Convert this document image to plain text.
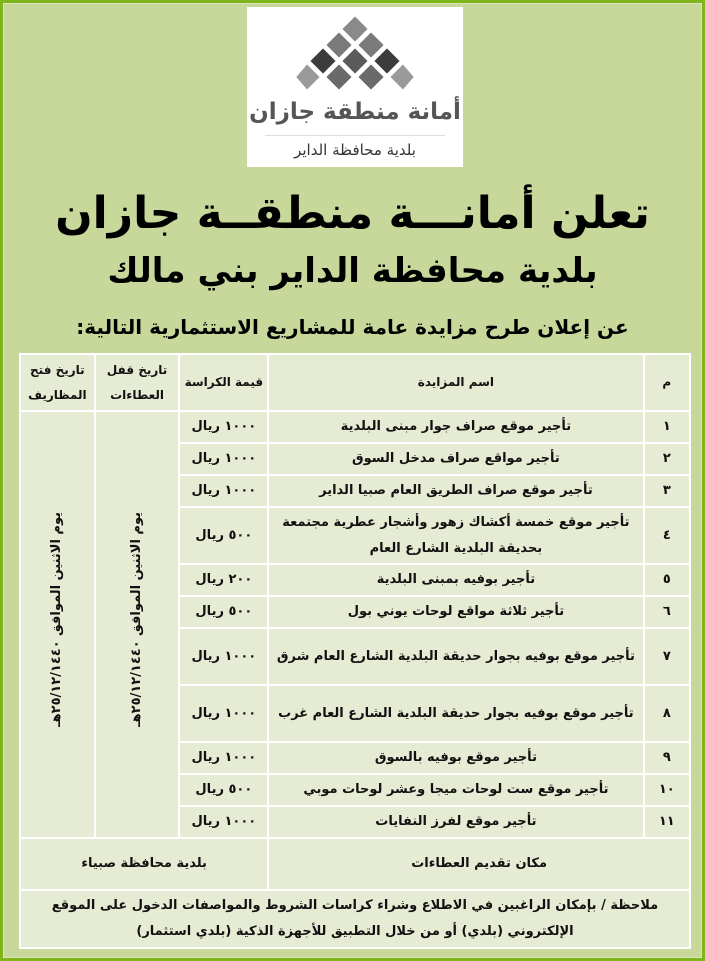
أمانة منطقة جازان
بلدية محافظة الداير
تعلن أمانـــة منطقــة جازان
بلدية محافظة الداير بني مالك
عن إعلان طرح مزايدة عامة للمشاريع الاستثمارية التالية:
م	اسم المزايدة	قيمة الكراسة	تاريخ قفل العطاءات	تاريخ فتح المظاريف
١	تأجير موقع صراف جوار مبنى البلدية	١٠٠٠ ريال	يوم الاثنين الموافق ٢٥/١٢/١٤٤٠هـ	يوم الاثنين الموافق ٢٥/١٢/١٤٤٠هـ
٢	تأجير مواقع صراف مدخل السوق	١٠٠٠ ريال		
٣	تأجير موقع صراف الطريق العام صبيا الداير	١٠٠٠ ريال		
٤	تأجير موقع خمسة أكشاك زهور وأشجار عطرية مجتمعة بحديقة البلدية الشارع العام	٥٠٠ ريال		
٥	تأجير بوفيه بمبنى البلدية	٢٠٠ ريال		
٦	تأجير ثلاثة مواقع لوحات يوني بول	٥٠٠ ريال		
٧	تأجير موقع بوفيه بجوار حديقة البلدية الشارع العام شرق	١٠٠٠ ريال		
٨	تأجير موقع بوفيه بجوار حديقة البلدية الشارع العام غرب	١٠٠٠ ريال		
٩	تأجير موقع بوفيه بالسوق	١٠٠٠ ريال		
١٠	تأجير موقع ست لوحات ميجا وعشر لوحات موبي	٥٠٠ ريال		
١١	تأجير موقع لفرز النفايات	١٠٠٠ ريال		
مكان تقديم العطاءات		بلدية محافظة صبياء		
ملاحظة / بإمكان الراغبين في الاطلاع وشراء كراسات الشروط والمواصفات الدخول على الموقع الإلكتروني (بلدي) أو من خلال التطبيق للأجهزة الذكية (بلدي استثمار)				
